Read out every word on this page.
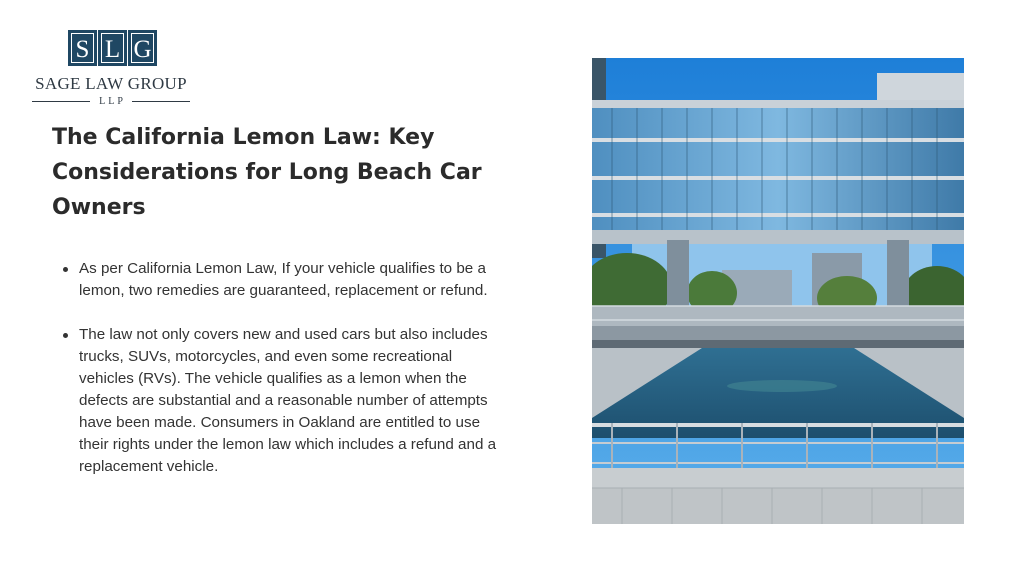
S L G
SAGE LAW GROUP
LLP
The California Lemon Law: Key Considerations for Long Beach Car Owners
As per California Lemon Law, If your vehicle qualifies to be a lemon, two remedies are guaranteed, replacement or refund.
The law not only covers new and used cars but also includes trucks, SUVs, motorcycles, and even some recreational vehicles (RVs). The vehicle qualifies as a lemon when the defects are substantial and a reasonable number of attempts have been made. Consumers in Oakland are entitled to use their rights under the lemon law which includes a refund and a replacement vehicle.
